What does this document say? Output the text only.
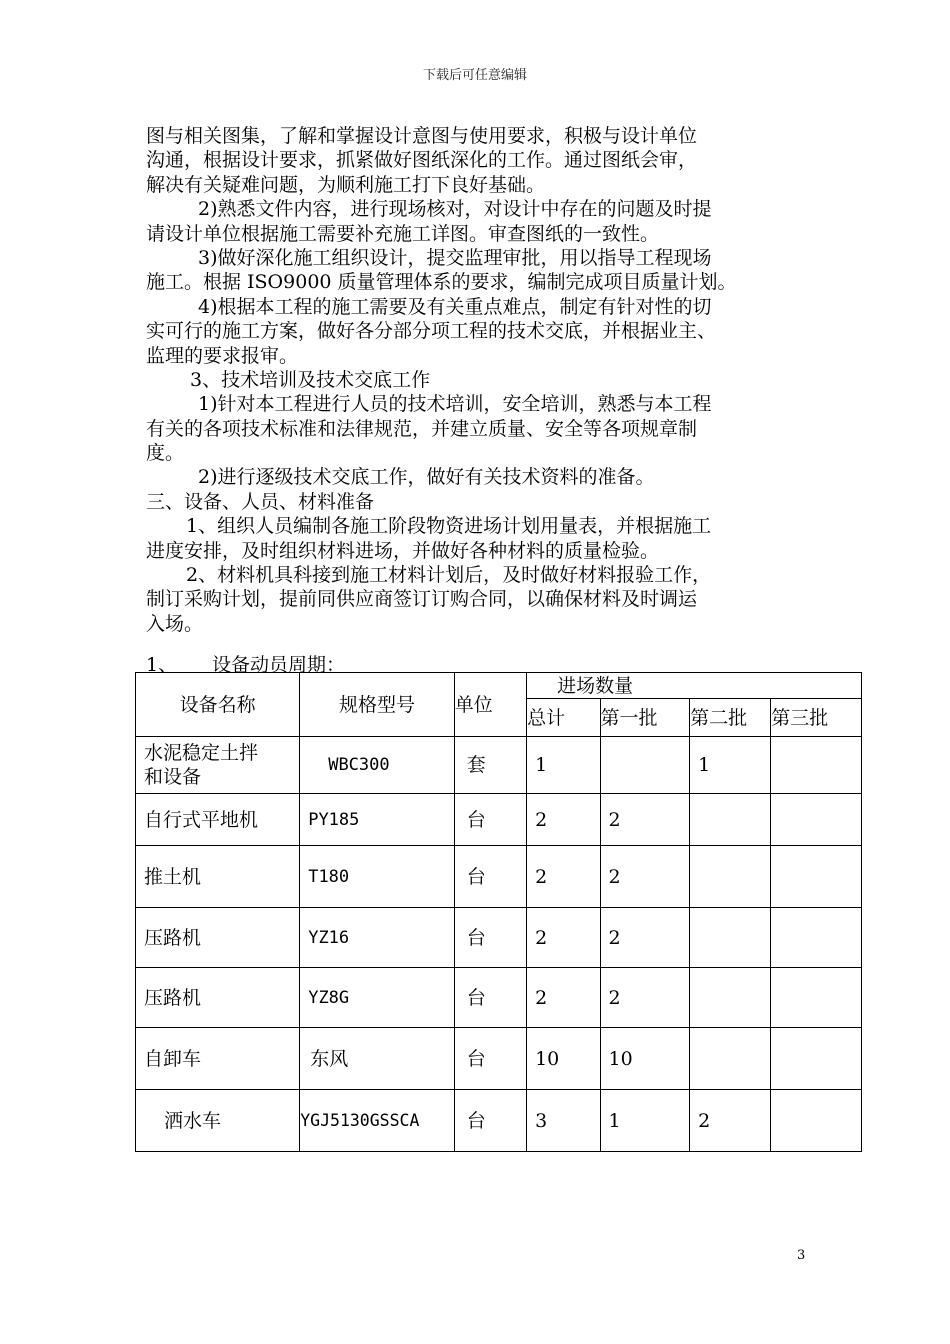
下载后可任意编辑
图与相关图集，了解和掌握设计意图与使用要求，积极与设计单位
沟通，根据设计要求，抓紧做好图纸深化的工作。通过图纸会审，
解决有关疑难问题，为顺利施工打下良好基础。
2)熟悉文件内容，进行现场核对，对设计中存在的问题及时提
请设计单位根据施工需要补充施工详图。审查图纸的一致性。
3)做好深化施工组织设计，提交监理审批，用以指导工程现场
施工。根据 ISO9000 质量管理体系的要求，编制完成项目质量计划。
4)根据本工程的施工需要及有关重点难点，制定有针对性的切
实可行的施工方案，做好各分部分项工程的技术交底，并根据业主、
监理的要求报审。
3、技术培训及技术交底工作
1)针对本工程进行人员的技术培训，安全培训，熟悉与本工程
有关的各项技术标准和法律规范，并建立质量、安全等各项规章制
度。
2)进行逐级技术交底工作，做好有关技术资料的准备。
三、设备、人员、材料准备
1、组织人员编制各施工阶段物资进场计划用量表，并根据施工
进度安排，及时组织材料进场，并做好各种材料的质量检验。
2、材料机具科接到施工材料计划后，及时做好材料报验工作，
制订采购计划，提前同供应商签订订购合同，以确保材料及时调运
入场。
1、 设备动员周期：
设备名称	规格型号	单位	进场数量			
			总计	第一批	第二批	第三批
水泥稳定土拌
和设备	WBC300	套	1		1	
自行式平地机	PY185	台	2	2		
推土机	T180	台	2	2		
压路机	YZ16	台	2	2		
压路机	YZ8G	台	2	2		
自卸车	东风	台	10	10		
洒水车	YGJ5130GSSCA	台	3	1	2	
3
